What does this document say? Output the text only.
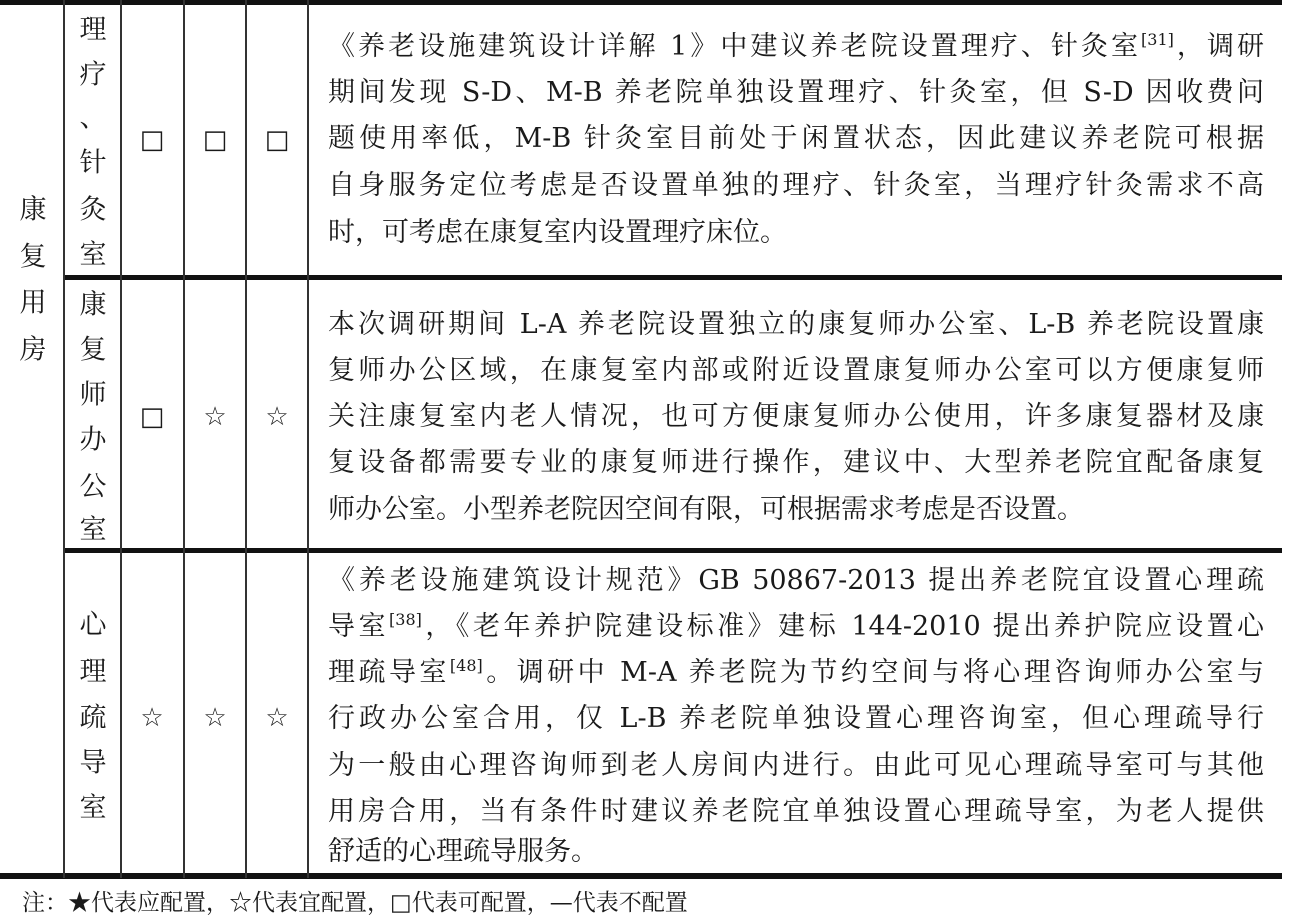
注：★代表应配置，☆代表宜配置，□代表可配置，—代表不配置
康
复
用
房
理
疗
、
针
灸
室
□ □ □
《养老设施建筑设计详解 1》中建议养老院设置理疗、针灸室[31]，调研
期间发现 S-D、M-B 养老院单独设置理疗、针灸室，但 S-D 因收费问
题使用率低，M-B 针灸室目前处于闲置状态，因此建议养老院可根据
自身服务定位考虑是否设置单独的理疗、针灸室，当理疗针灸需求不高
时，可考虑在康复室内设置理疗床位。
康
复
师
办
公
室
□ ☆ ☆
本次调研期间 L-A 养老院设置独立的康复师办公室、L-B 养老院设置康
复师办公区域，在康复室内部或附近设置康复师办公室可以方便康复师
关注康复室内老人情况，也可方便康复师办公使用，许多康复器材及康
复设备都需要专业的康复师进行操作，建议中、大型养老院宜配备康复
师办公室。小型养老院因空间有限，可根据需求考虑是否设置。
心
理
疏
导
室
☆ ☆ ☆
《养老设施建筑设计规范》GB 50867-2013 提出养老院宜设置心理疏
导室[38]，《老年养护院建设标准》建标 144-2010 提出养护院应设置心
理疏导室[48]。调研中 M-A 养老院为节约空间与将心理咨询师办公室与
行政办公室合用，仅 L-B 养老院单独设置心理咨询室，但心理疏导行
为一般由心理咨询师到老人房间内进行。由此可见心理疏导室可与其他
用房合用，当有条件时建议养老院宜单独设置心理疏导室，为老人提供
舒适的心理疏导服务。
